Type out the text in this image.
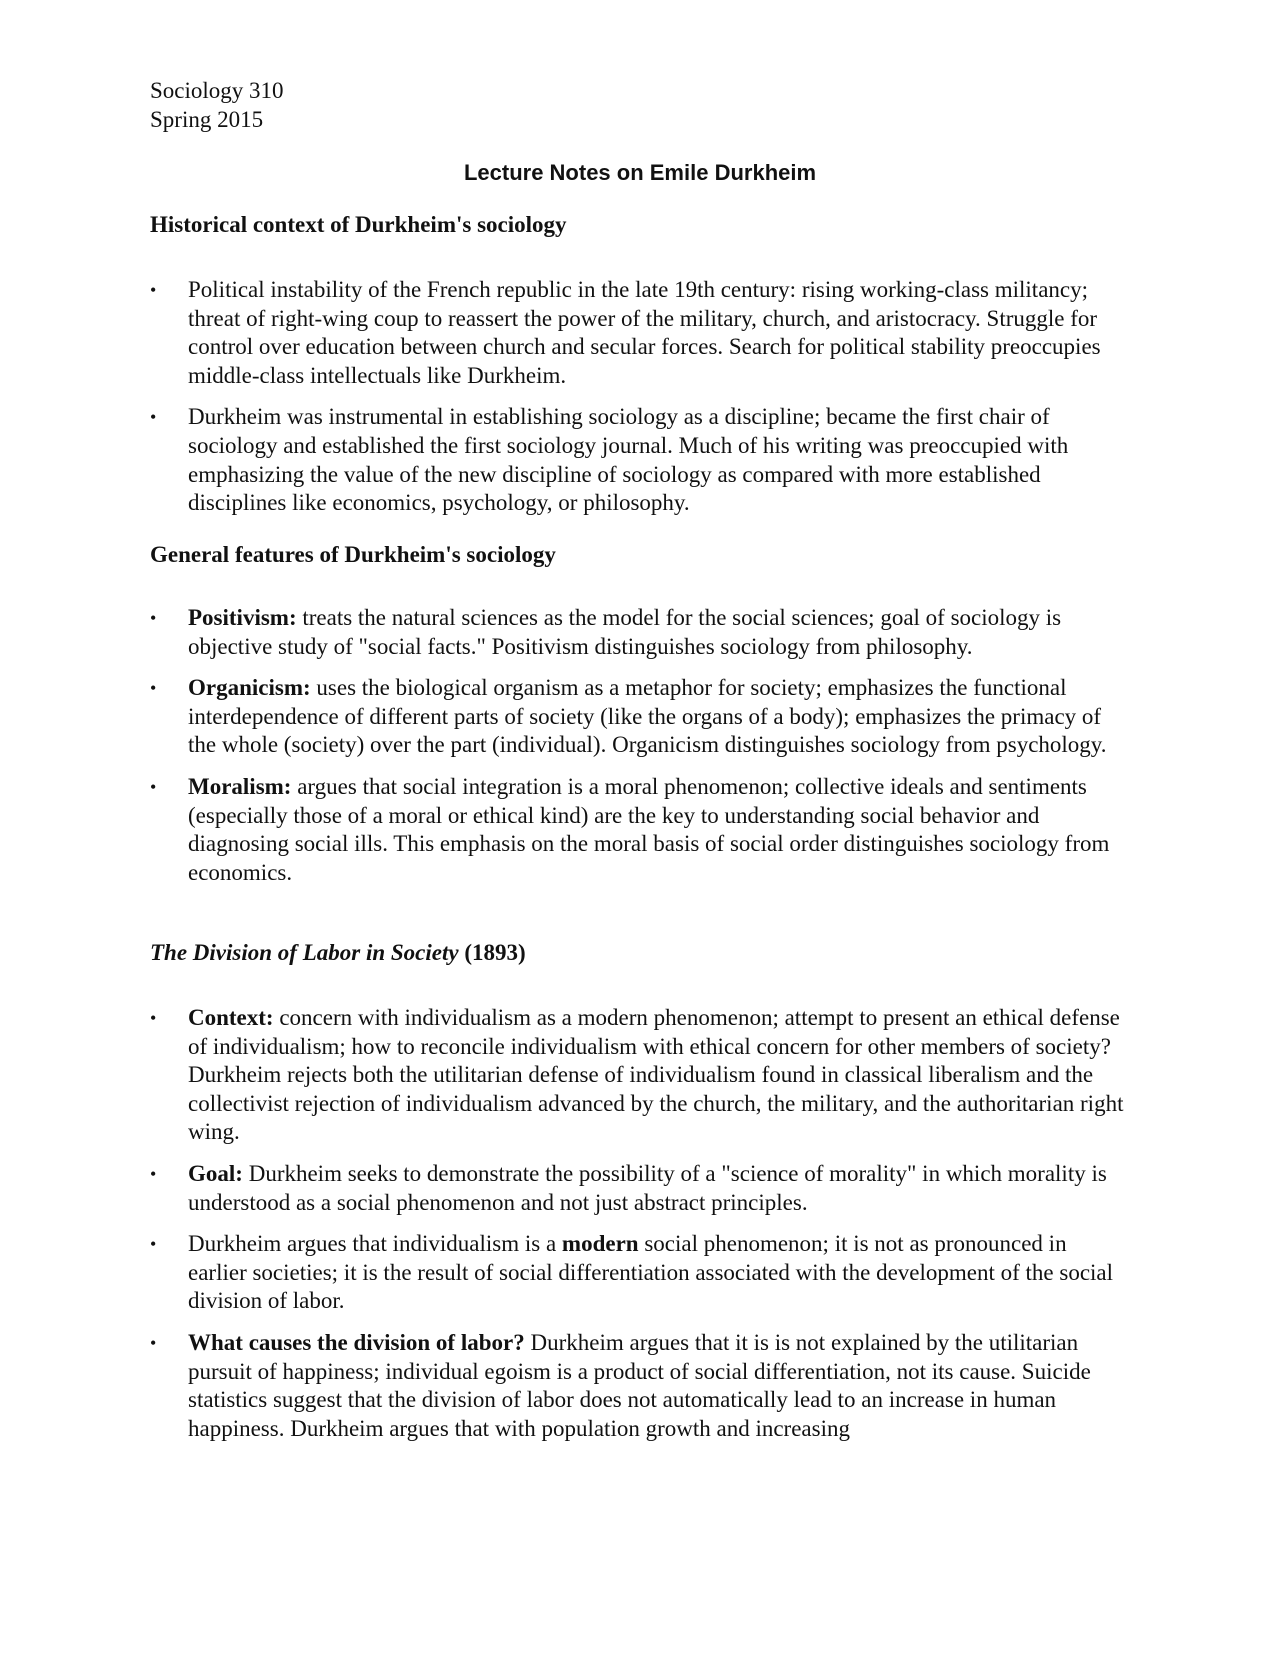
Sociology 310
Spring 2015
Lecture Notes on Emile Durkheim
Historical context of Durkheim's sociology
• Political instability of the French republic in the late 19th century: rising working-class militancy; threat of right-wing coup to reassert the power of the military, church, and aristocracy. Struggle for control over education between church and secular forces. Search for political stability preoccupies middle-class intellectuals like Durkheim.
• Durkheim was instrumental in establishing sociology as a discipline; became the first chair of sociology and established the first sociology journal. Much of his writing was preoccupied with emphasizing the value of the new discipline of sociology as compared with more established disciplines like economics, psychology, or philosophy.
General features of Durkheim's sociology
• Positivism: treats the natural sciences as the model for the social sciences; goal of sociology is objective study of "social facts." Positivism distinguishes sociology from philosophy.
• Organicism: uses the biological organism as a metaphor for society; emphasizes the functional interdependence of different parts of society (like the organs of a body); emphasizes the primacy of the whole (society) over the part (individual). Organicism distinguishes sociology from psychology.
• Moralism: argues that social integration is a moral phenomenon; collective ideals and sentiments (especially those of a moral or ethical kind) are the key to understanding social behavior and diagnosing social ills. This emphasis on the moral basis of social order distinguishes sociology from economics.
The Division of Labor in Society (1893)
• Context: concern with individualism as a modern phenomenon; attempt to present an ethical defense of individualism; how to reconcile individualism with ethical concern for other members of society? Durkheim rejects both the utilitarian defense of individualism found in classical liberalism and the collectivist rejection of individualism advanced by the church, the military, and the authoritarian right wing.
• Goal: Durkheim seeks to demonstrate the possibility of a "science of morality" in which morality is understood as a social phenomenon and not just abstract principles.
• Durkheim argues that individualism is a modern social phenomenon; it is not as pronounced in earlier societies; it is the result of social differentiation associated with the development of the social division of labor.
• What causes the division of labor? Durkheim argues that it is is not explained by the utilitarian pursuit of happiness; individual egoism is a product of social differentiation, not its cause. Suicide statistics suggest that the division of labor does not automatically lead to an increase in human happiness. Durkheim argues that with population growth and increasing
